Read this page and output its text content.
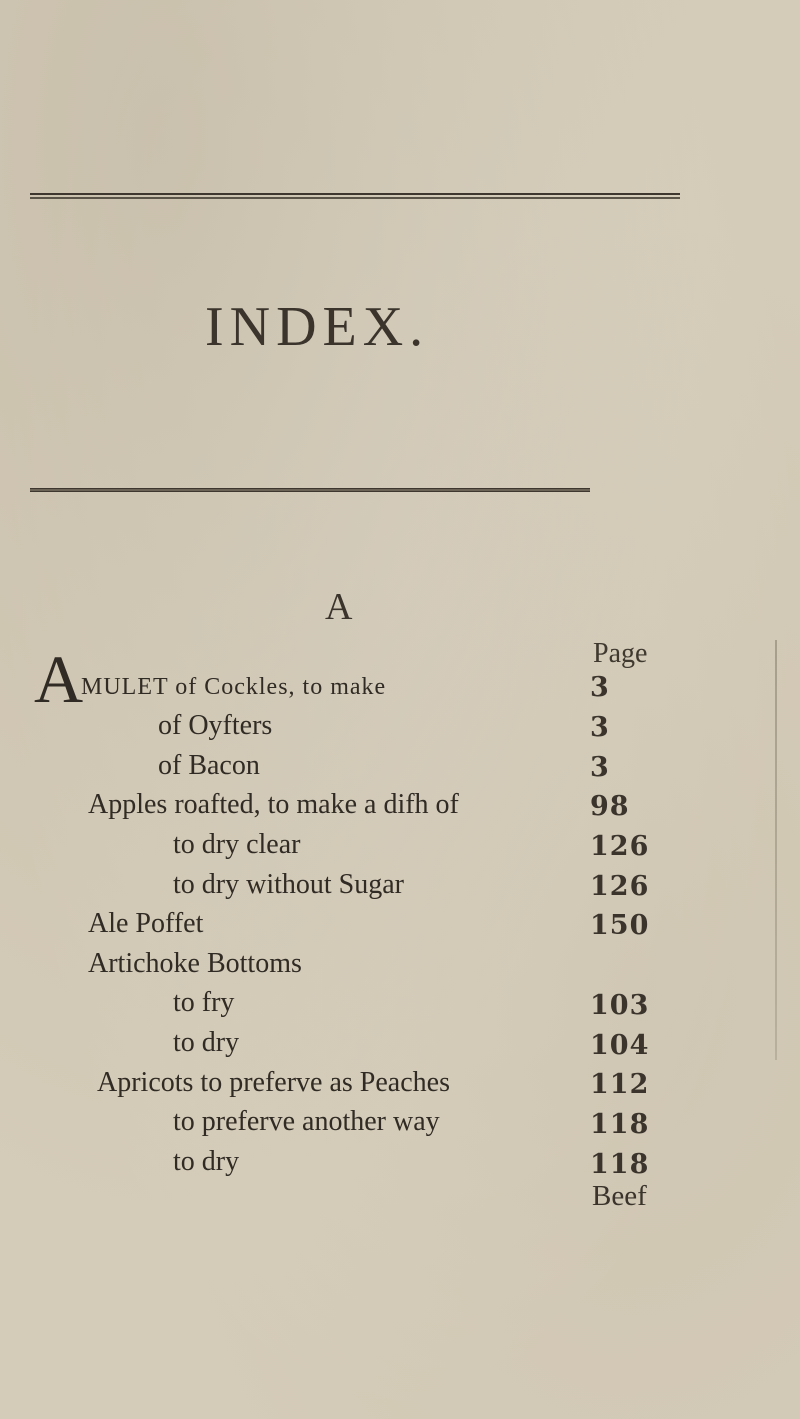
INDEX.
A
Page
A
MULET of Cockles, to make	3
of Oyfters	3
of Bacon	3
Apples roafted, to make a difh of	98
to dry clear	126
to dry without Sugar	126
Ale Poffet	150
Artichoke Bottoms
to fry	103
to dry	104
Apricots to preferve as Peaches	112
to preferve another way	118
to dry	118
Beef
